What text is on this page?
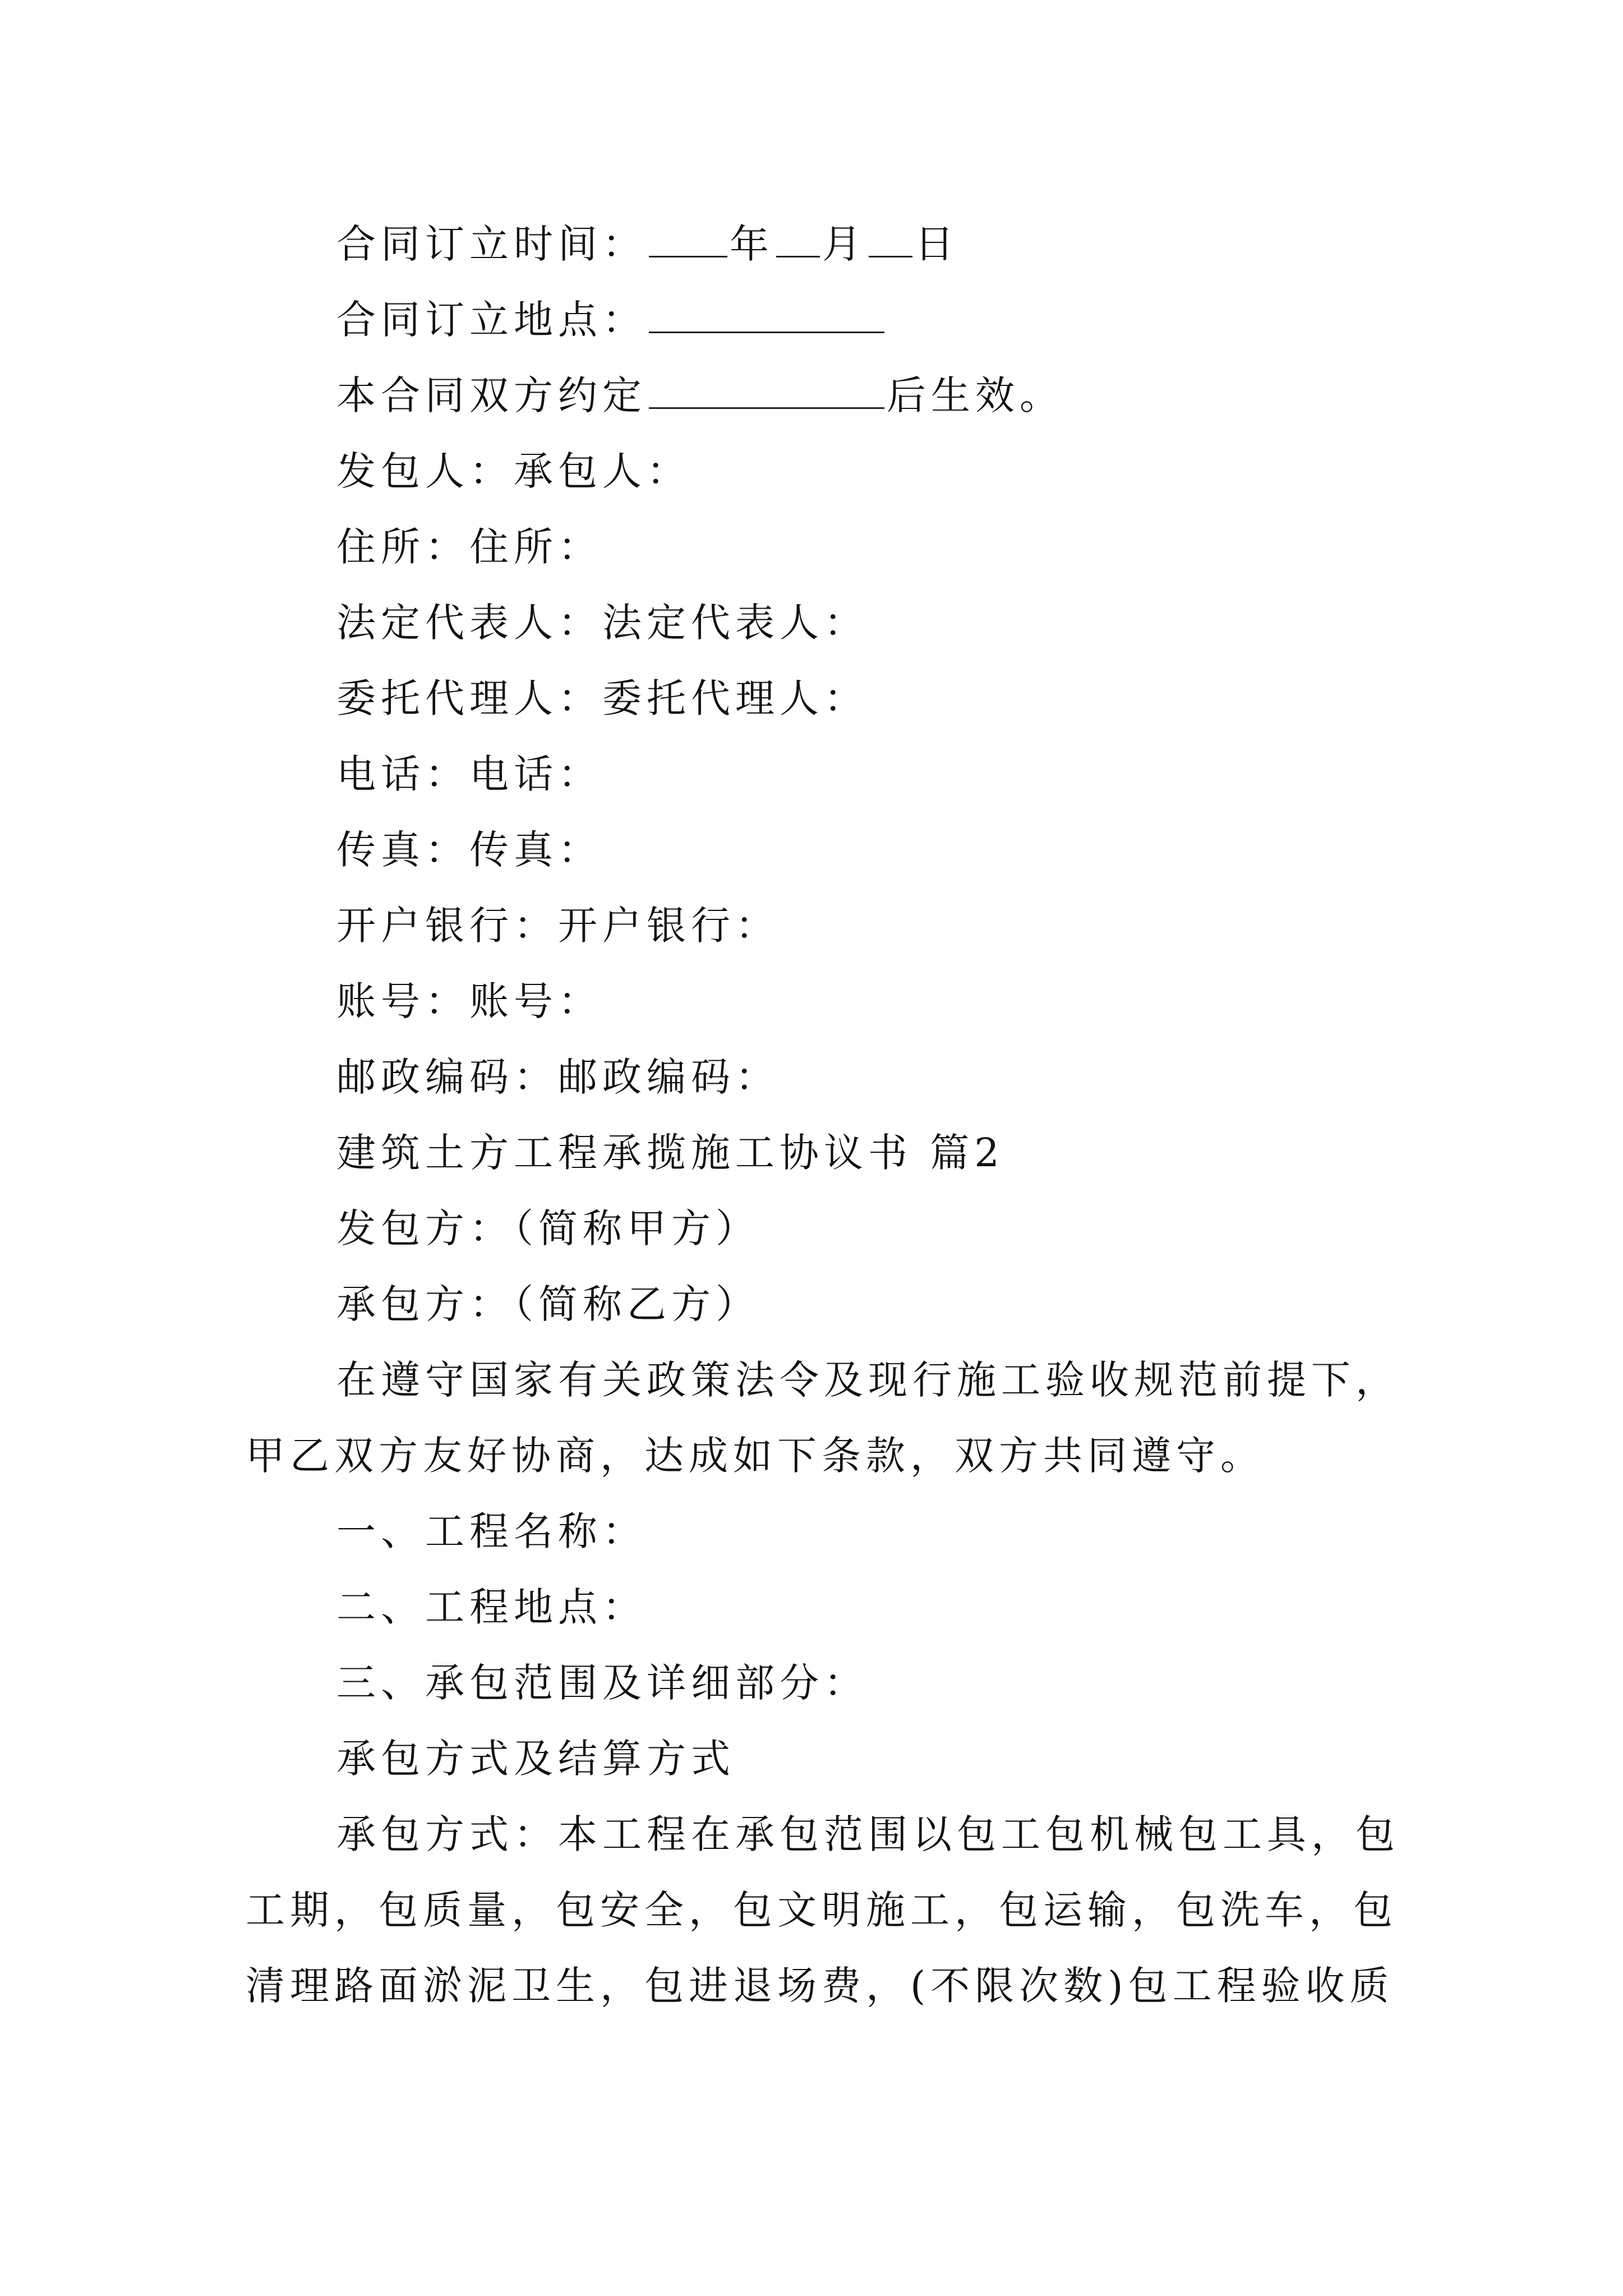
合同订立时间： 年 月 日
合同订立地点：
本合同双方约定	后生效。
发包人：承包人：
住所：住所：
法定代表人：法定代表人：
委托代理人：委托代理人：
电话：电话：
传真：传真：
开户银行：开户银行：
账号：账号：
邮政编码：邮政编码：
建筑土方工程承揽施工协议书 篇2
发包方：（简称甲方）
承包方：（简称乙方）
在遵守国家有关政策法令及现行施工验收规范前提下，
甲乙双方友好协商，达成如下条款，双方共同遵守。
一、工程名称：
二、工程地点：
三、承包范围及详细部分：
承包方式及结算方式
承包方式：本工程在承包范围以包工包机械包工具，包
工期，包质量，包安全，包文明施工，包运输，包洗车，包
清理路面淤泥卫生，包进退场费，(不限次数)包工程验收质
